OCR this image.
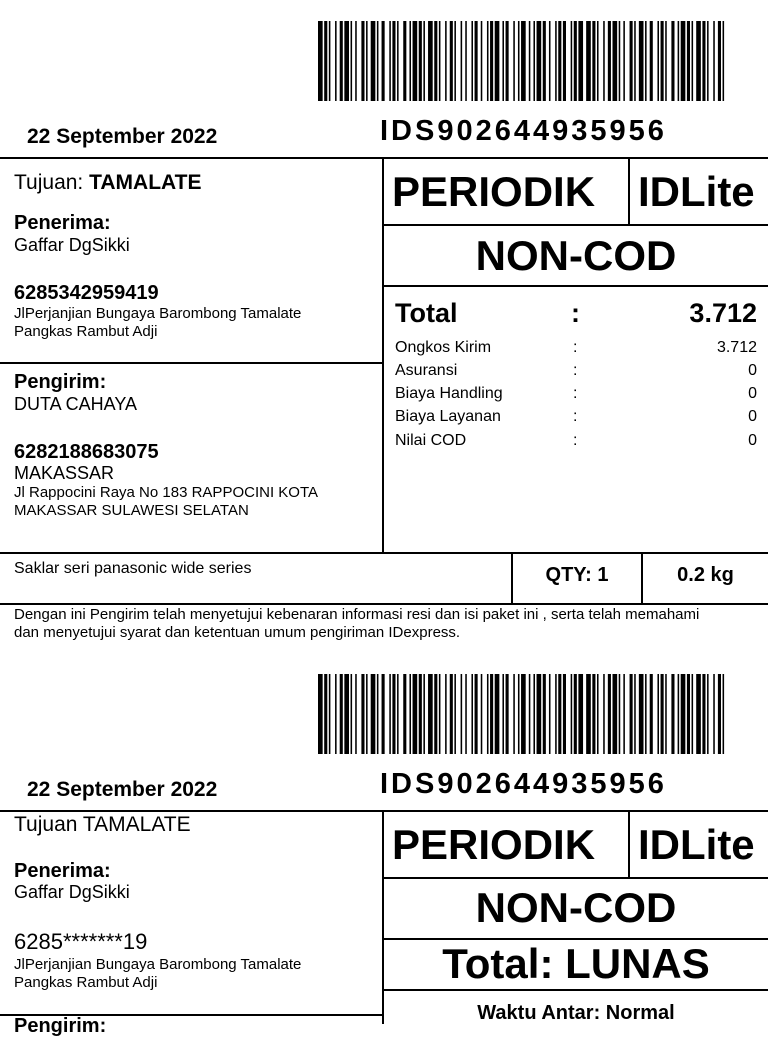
22 September 2022	IDS902644935956
Tujuan: TAMALATE
Penerima:
Gaffar DgSikki
6285342959419
JlPerjanjian Bungaya Barombong Tamalate
Pangkas Rambut Adji
Pengirim:
DUTA CAHAYA
6282188683075
MAKASSAR
Jl Rappocini Raya No 183 RAPPOCINI KOTA
MAKASSAR SULAWESI SELATAN
PERIODIK IDLite
NON-COD
Total	:	3.712
Ongkos Kirim	:	3.712
Asuransi	:	0
Biaya Handling	:	0
Biaya Layanan	:	0
Nilai COD	:	0
Saklar seri panasonic wide series	QTY: 1	0.2 kg
Dengan ini Pengirim telah menyetujui kebenaran informasi resi dan isi paket ini , serta telah memahami
dan menyetujui syarat dan ketentuan umum pengiriman IDexpress.
22 September 2022	IDS902644935956
Tujuan TAMALATE
Penerima:
Gaffar DgSikki
6285*******19
JlPerjanjian Bungaya Barombong Tamalate
Pangkas Rambut Adji
Pengirim:
PERIODIK IDLite
NON-COD
Total: LUNAS
Waktu Antar: Normal
